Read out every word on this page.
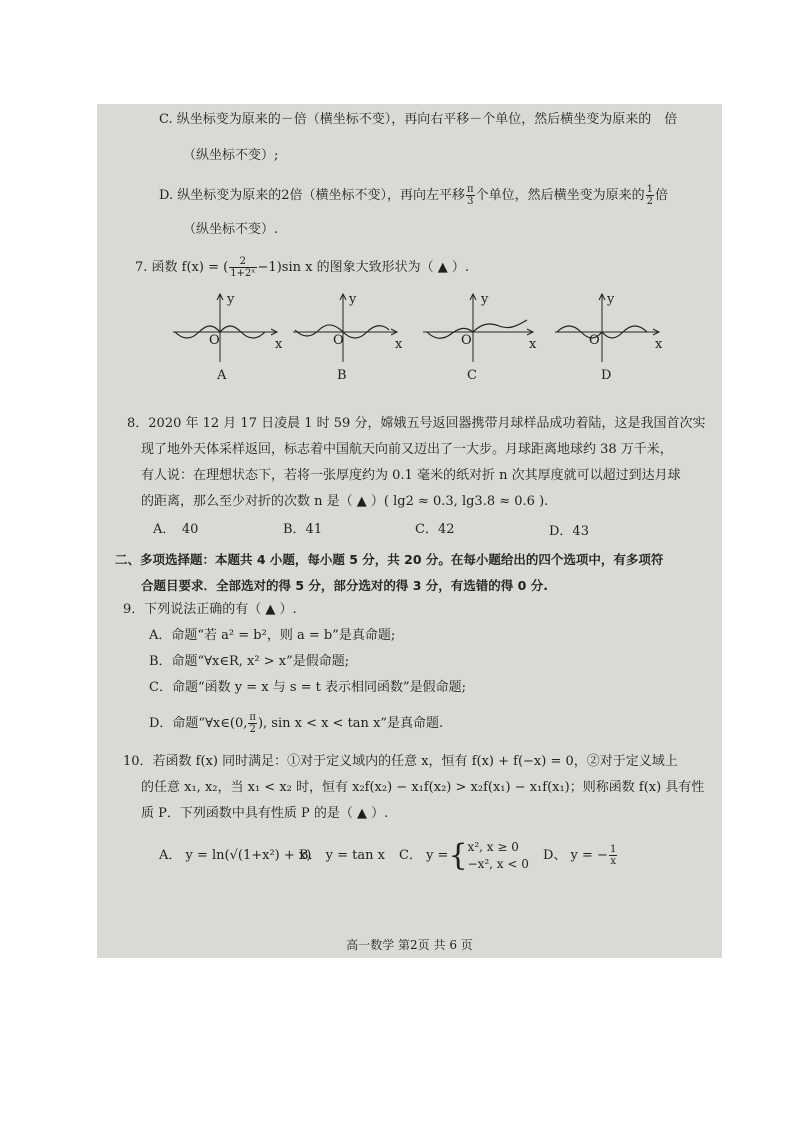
C. 纵坐标变为原来的－倍（横坐标不变），再向右平移－个单位，然后横坐变为原来的　倍
（纵坐标不变）;
D. 纵坐标变为原来的2倍（横坐标不变），再向左平移 $\frac{\pi}{3}$ 个单位，然后横坐变为原来的 $\frac{1}{2}$ 倍
（纵坐标不变）.
7. 函数 f(x) = ( $\frac{2}{\text{1+2ˣ}} -1)\sin$ x 的图象大致形状为（ ▲ ）.
y
O	x
A
y
O	x
B
y
O	x
C
y
O	x
D
8．2020 年 12 月 17 日凌晨 1 时 59 分，嫦娥五号返回器携带月球样品成功着陆，这是我国首次实
现了地外天体采样返回，标志着中国航天向前又迈出了一大步。月球距离地球约 38 万千米，
有人说：在理想状态下，若将一张厚度约为 0.1 毫米的纸对折 n 次其厚度就可以超过到达月球
的距离，那么至少对折的次数 n 是（ ▲ ）( lg2 ≈ 0.3, lg3.8 ≈ 0.6 ).
A．　40	B．41	C．42	D．43
二、多项选择题：本题共 4 小题，每小题 5 分，共 20 分。在每小题给出的四个选项中，有多项符
合题目要求．全部选对的得 5 分，部分选对的得 3 分，有选错的得 0 分.
9．下列说法正确的有（ ▲ ）.
A．命题“若 a² = b²，则 a = b”是真命题;
B．命题“∀x∈R, x² > x”是假命题;
C．命题“函数 y = x 与 s = t 表示相同函数”是假命题;
D．命题“∀x∈(0, $\frac{\pi}{2}$ ), sin x < x < tan x”是真命题.
10．若函数 f(x) 同时满足：①对于定义域内的任意 x，恒有 f(x) + f(−x) = 0，②对于定义域上
的任意 x₁, x₂，当 x₁ < x₂ 时，恒有 x₂f(x₂) − x₁f(x₂) > x₂f(x₁) − x₁f(x₁)；则称函数 f(x) 具有性
质 P．下列函数中具有性质 P 的是（ ▲ ）.
A． y = ln(√(1+x²) + x)
B． y = tan x C． y ={ x², x ≥ 0
−x², x < 0
D、 y = − $\frac{1}{x}$
高一数学 第2页 共 6 页
